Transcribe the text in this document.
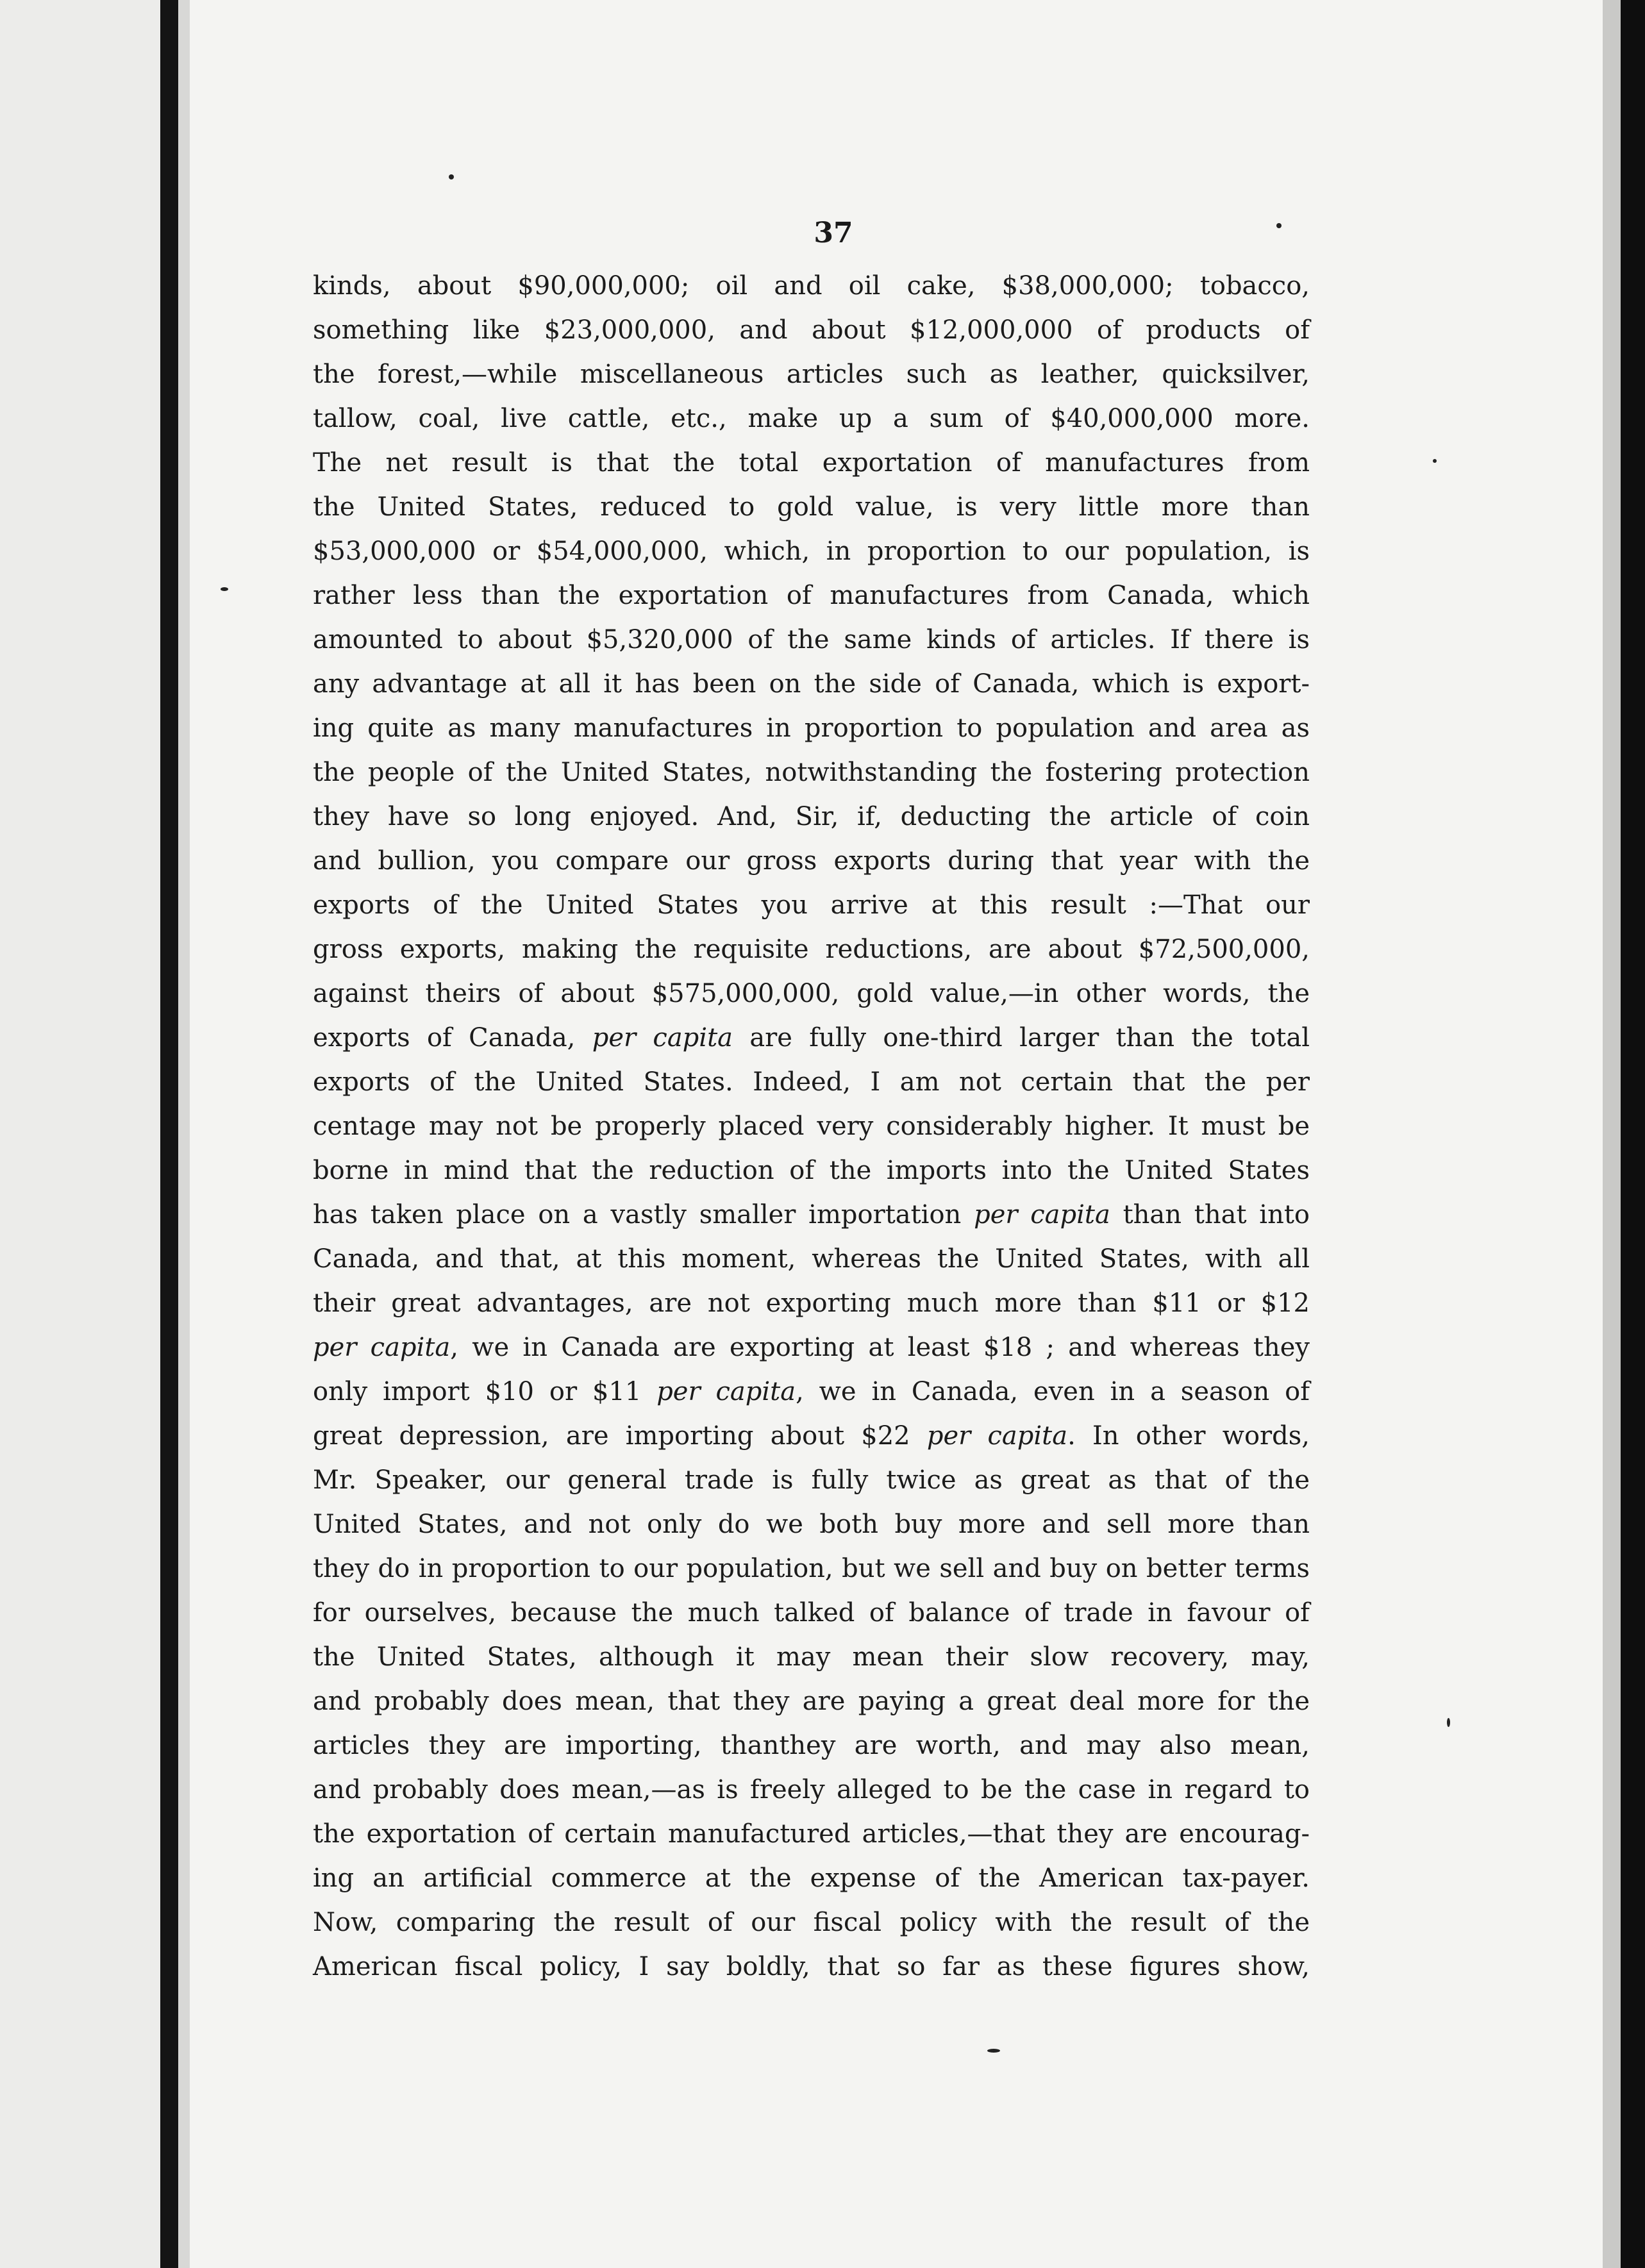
37
kinds, about $90,000,000; oil and oil cake, $38,000,000; tobacco,
something like $23,000,000, and about $12,000,000 of products of
the forest,—while miscellaneous articles such as leather, quicksilver,
tallow, coal, live cattle, etc., make up a sum of $40,000,000 more.
The net result is that the total exportation of manufactures from
the United States, reduced to gold value, is very little more than
$53,000,000 or $54,000,000, which, in proportion to our population, is
rather less than the exportation of manufactures from Canada, which
amounted to about $5,320,000 of the same kinds of articles. If there is
any advantage at all it has been on the side of Canada, which is export-
ing quite as many manufactures in proportion to population and area as
the people of the United States, notwithstanding the fostering protection
they have so long enjoyed. And, Sir, if, deducting the article of coin
and bullion, you compare our gross exports during that year with the
exports of the United States you arrive at this result :—That our
gross exports, making the requisite reductions, are about $72,500,000,
against theirs of about $575,000,000, gold value,—in other words, the
exports of Canada, per capita are fully one-third larger than the total
exports of the United States. Indeed, I am not certain that the per
centage may not be properly placed very considerably higher. It must be
borne in mind that the reduction of the imports into the United States
has taken place on a vastly smaller importation per capita than that into
Canada, and that, at this moment, whereas the United States, with all
their great advantages, are not exporting much more than $11 or $12
per capita, we in Canada are exporting at least $18 ; and whereas they
only import $10 or $11 per capita, we in Canada, even in a season of
great depression, are importing about $22 per capita. In other words,
Mr. Speaker, our general trade is fully twice as great as that of the
United States, and not only do we both buy more and sell more than
they do in proportion to our population, but we sell and buy on better terms
for ourselves, because the much talked of balance of trade in favour of
the United States, although it may mean their slow recovery, may,
and probably does mean, that they are paying a great deal more for the
articles they are importing, thanthey are worth, and may also mean,
and probably does mean,—as is freely alleged to be the case in regard to
the exportation of certain manufactured articles,—that they are encourag-
ing an artificial commerce at the expense of the American tax-payer.
Now, comparing the result of our fiscal policy with the result of the
American fiscal policy, I say boldly, that so far as these figures show,
